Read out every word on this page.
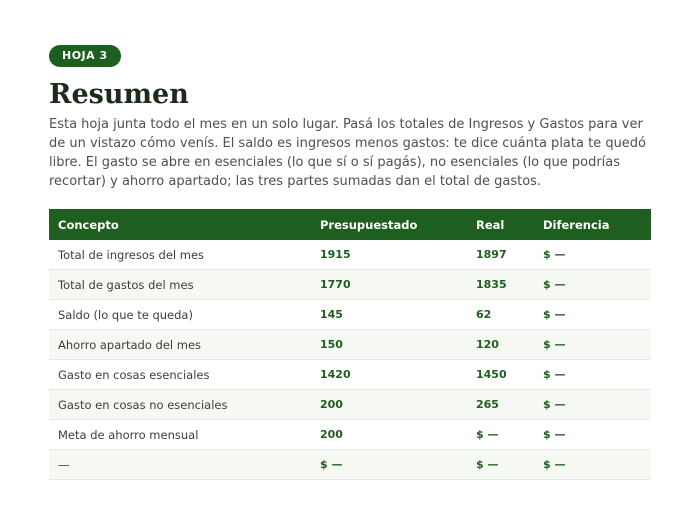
HOJA 3
Resumen

Esta hoja junta todo el mes en un solo lugar. Pasá los totales de Ingresos y Gastos para ver de un vistazo cómo venís. El saldo es ingresos menos gastos: te dice cuánta plata te quedó libre. El gasto se abre en esenciales (lo que sí o sí pagás), no esenciales (lo que podrías recortar) y ahorro apartado; las tres partes sumadas dan el total de gastos.

Concepto	Presupuestado	Real	Diferencia
Total de ingresos del mes	1915	1897	$ —
Total de gastos del mes	1770	1835	$ —
Saldo (lo que te queda)	145	62	$ —
Ahorro apartado del mes	150	120	$ —
Gasto en cosas esenciales	1420	1450	$ —
Gasto en cosas no esenciales	200	265	$ —
Meta de ahorro mensual	200	$ —	$ —
—	$ —	$ —	$ —
